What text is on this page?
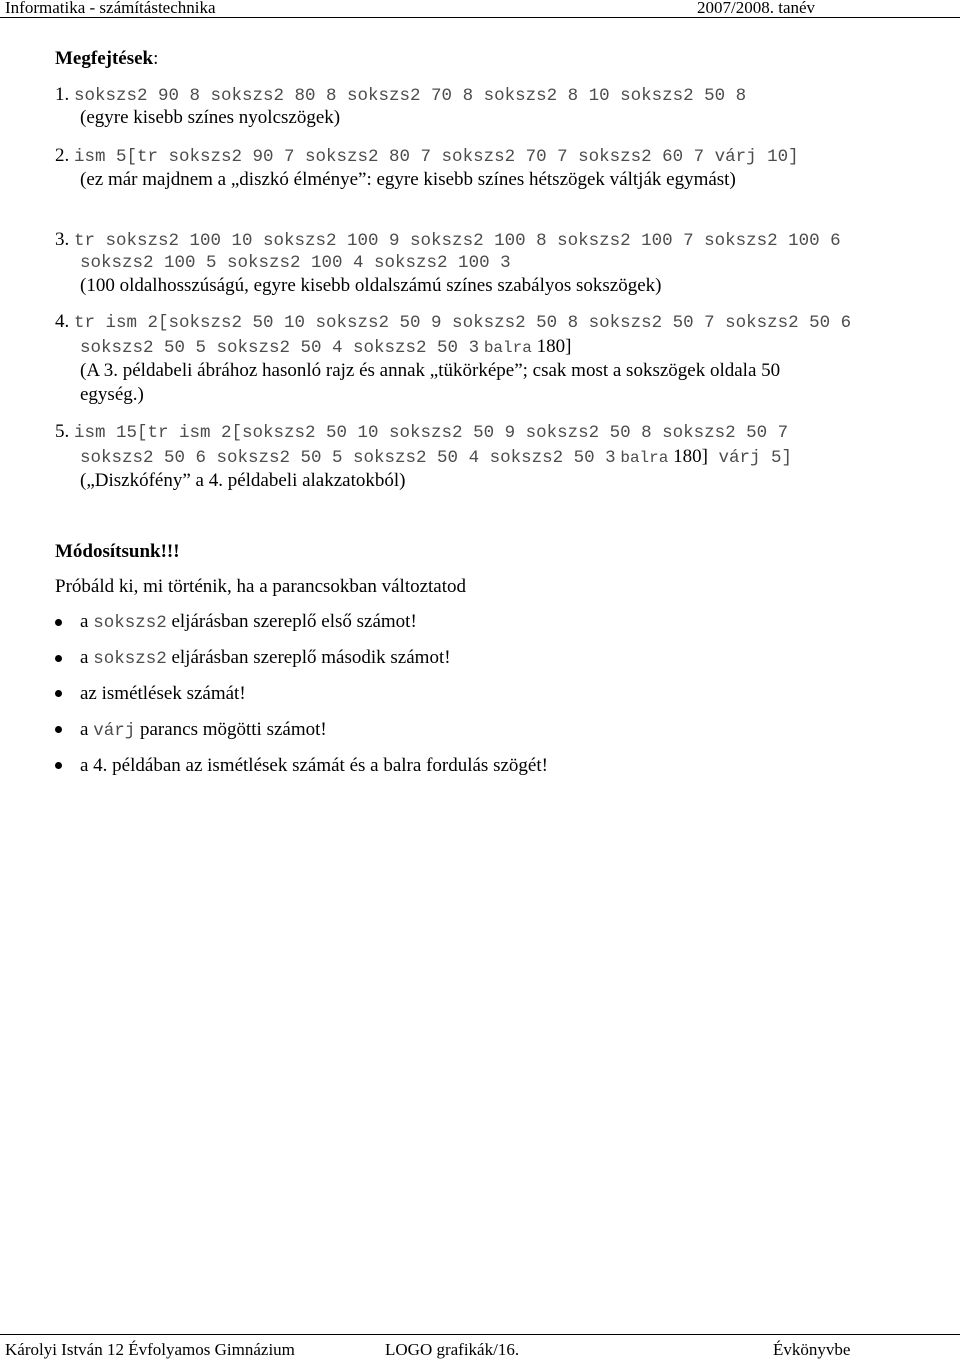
Informatika - számítástechnika	2007/2008. tanév
Megfejtések:
1. sokszs2 90 8 sokszs2 80 8 sokszs2 70 8 sokszs2 8 10 sokszs2 50 8
(egyre kisebb színes nyolcszögek)
2. ism 5[tr sokszs2 90 7 sokszs2 80 7 sokszs2 70 7 sokszs2 60 7 várj 10]
(ez már majdnem a „diszkó élménye”: egyre kisebb színes hétszögek váltják egymást)
3. tr sokszs2 100 10 sokszs2 100 9 sokszs2 100 8 sokszs2 100 7 sokszs2 100 6
sokszs2 100 5 sokszs2 100 4 sokszs2 100 3
(100 oldalhosszúságú, egyre kisebb oldalszámú színes szabályos sokszögek)
4. tr ism 2[sokszs2 50 10 sokszs2 50 9 sokszs2 50 8 sokszs2 50 7 sokszs2 50 6
sokszs2 50 5 sokszs2 50 4 sokszs2 50 3 balra 180]
(A 3. példabeli ábrához hasonló rajz és annak „tükörképe”; csak most a sokszögek oldala 50
egység.)
5. ism 15[tr ism 2[sokszs2 50 10 sokszs2 50 9 sokszs2 50 8 sokszs2 50 7
sokszs2 50 6 sokszs2 50 5 sokszs2 50 4 sokszs2 50 3 balra 180] várj 5]
(„Diszkófény” a 4. példabeli alakzatokból)
Módosítsunk!!!
Próbáld ki, mi történik, ha a parancsokban változtatod
a sokszs2 eljárásban szereplő első számot!
a sokszs2 eljárásban szereplő második számot!
az ismétlések számát!
a várj parancs mögötti számot!
a 4. példában az ismétlések számát és a balra fordulás szögét!
Károlyi István 12 Évfolyamos Gimnázium	LOGO grafikák/16.	Évkönyvbe
